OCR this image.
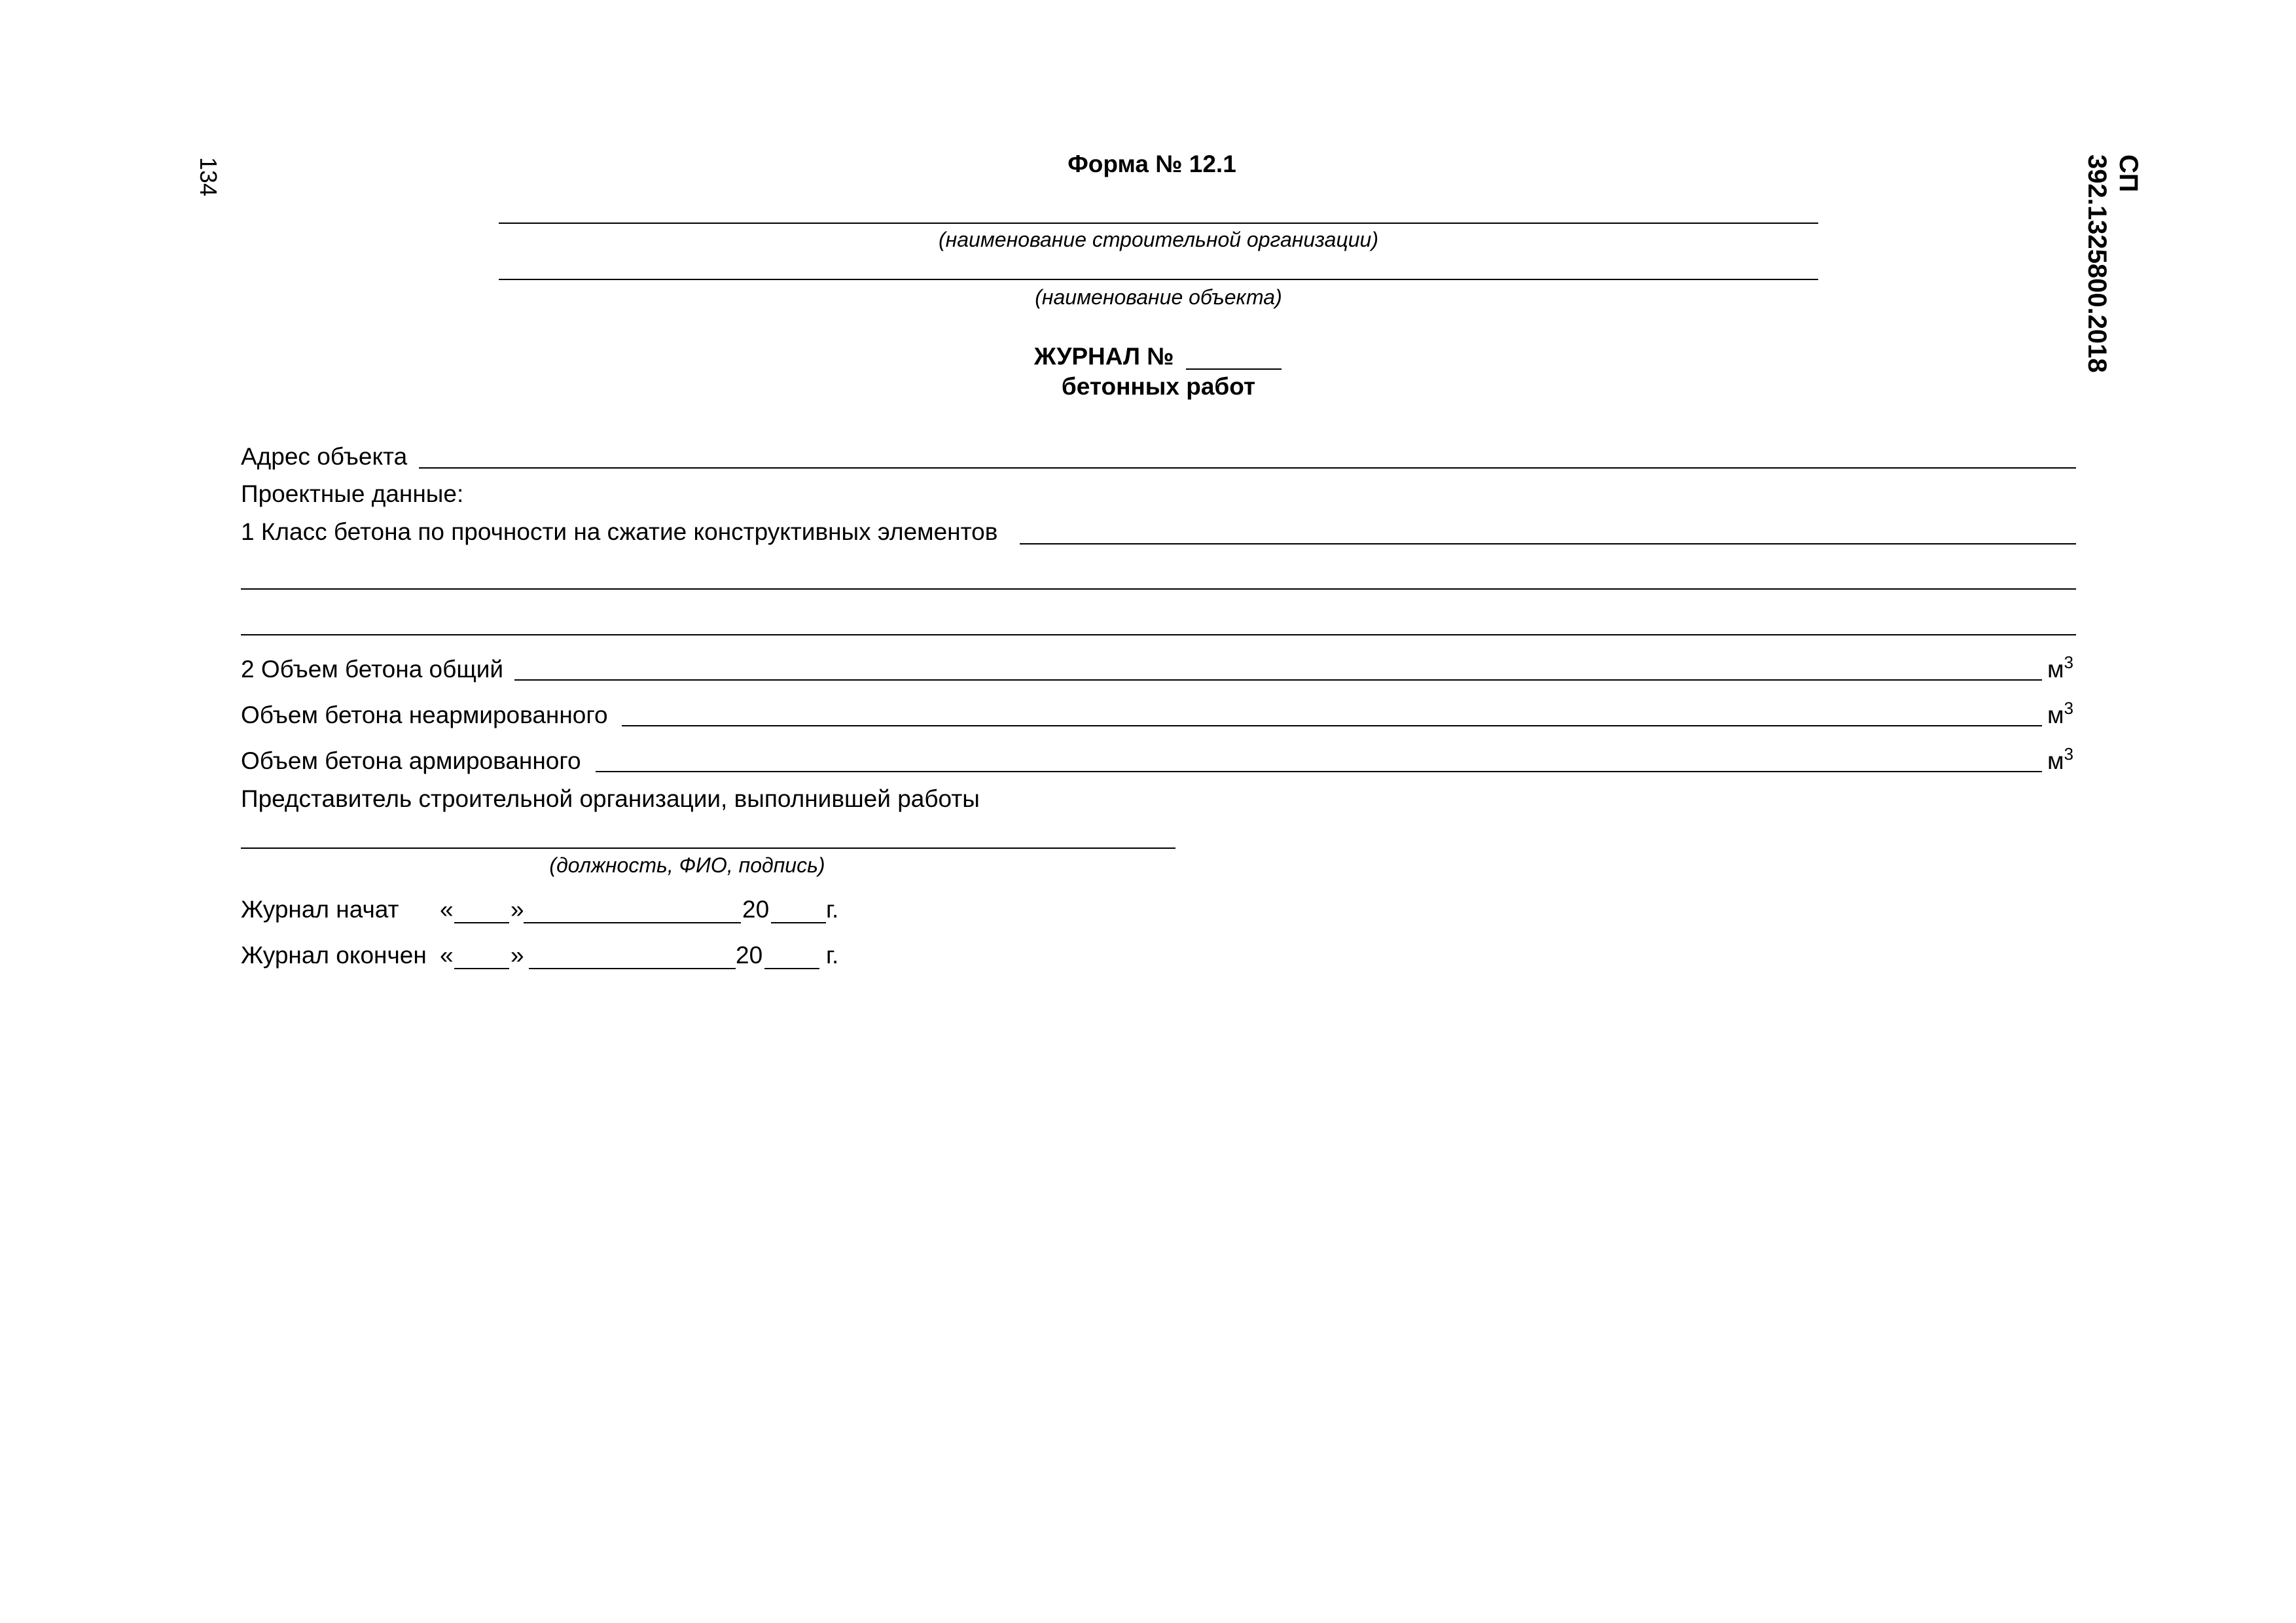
134	СП 392.1325800.2018
Форма № 12.1
(наименование строительной организации)
(наименование объекта)
ЖУРНАЛ №
бетонных работ
Адрес объекта
Проектные данные:
1 Класс бетона по прочности на сжатие конструктивных элементов
2 Объем бетона общий	$м^3$
Объем бетона неармированного	$м^3$
Объем бетона армированного	$м^3$
Представитель строительной организации, выполнившей работы
(должность, ФИО, подпись)
Журнал начат « »	20 г.
Журнал окончен « »	20	г.
